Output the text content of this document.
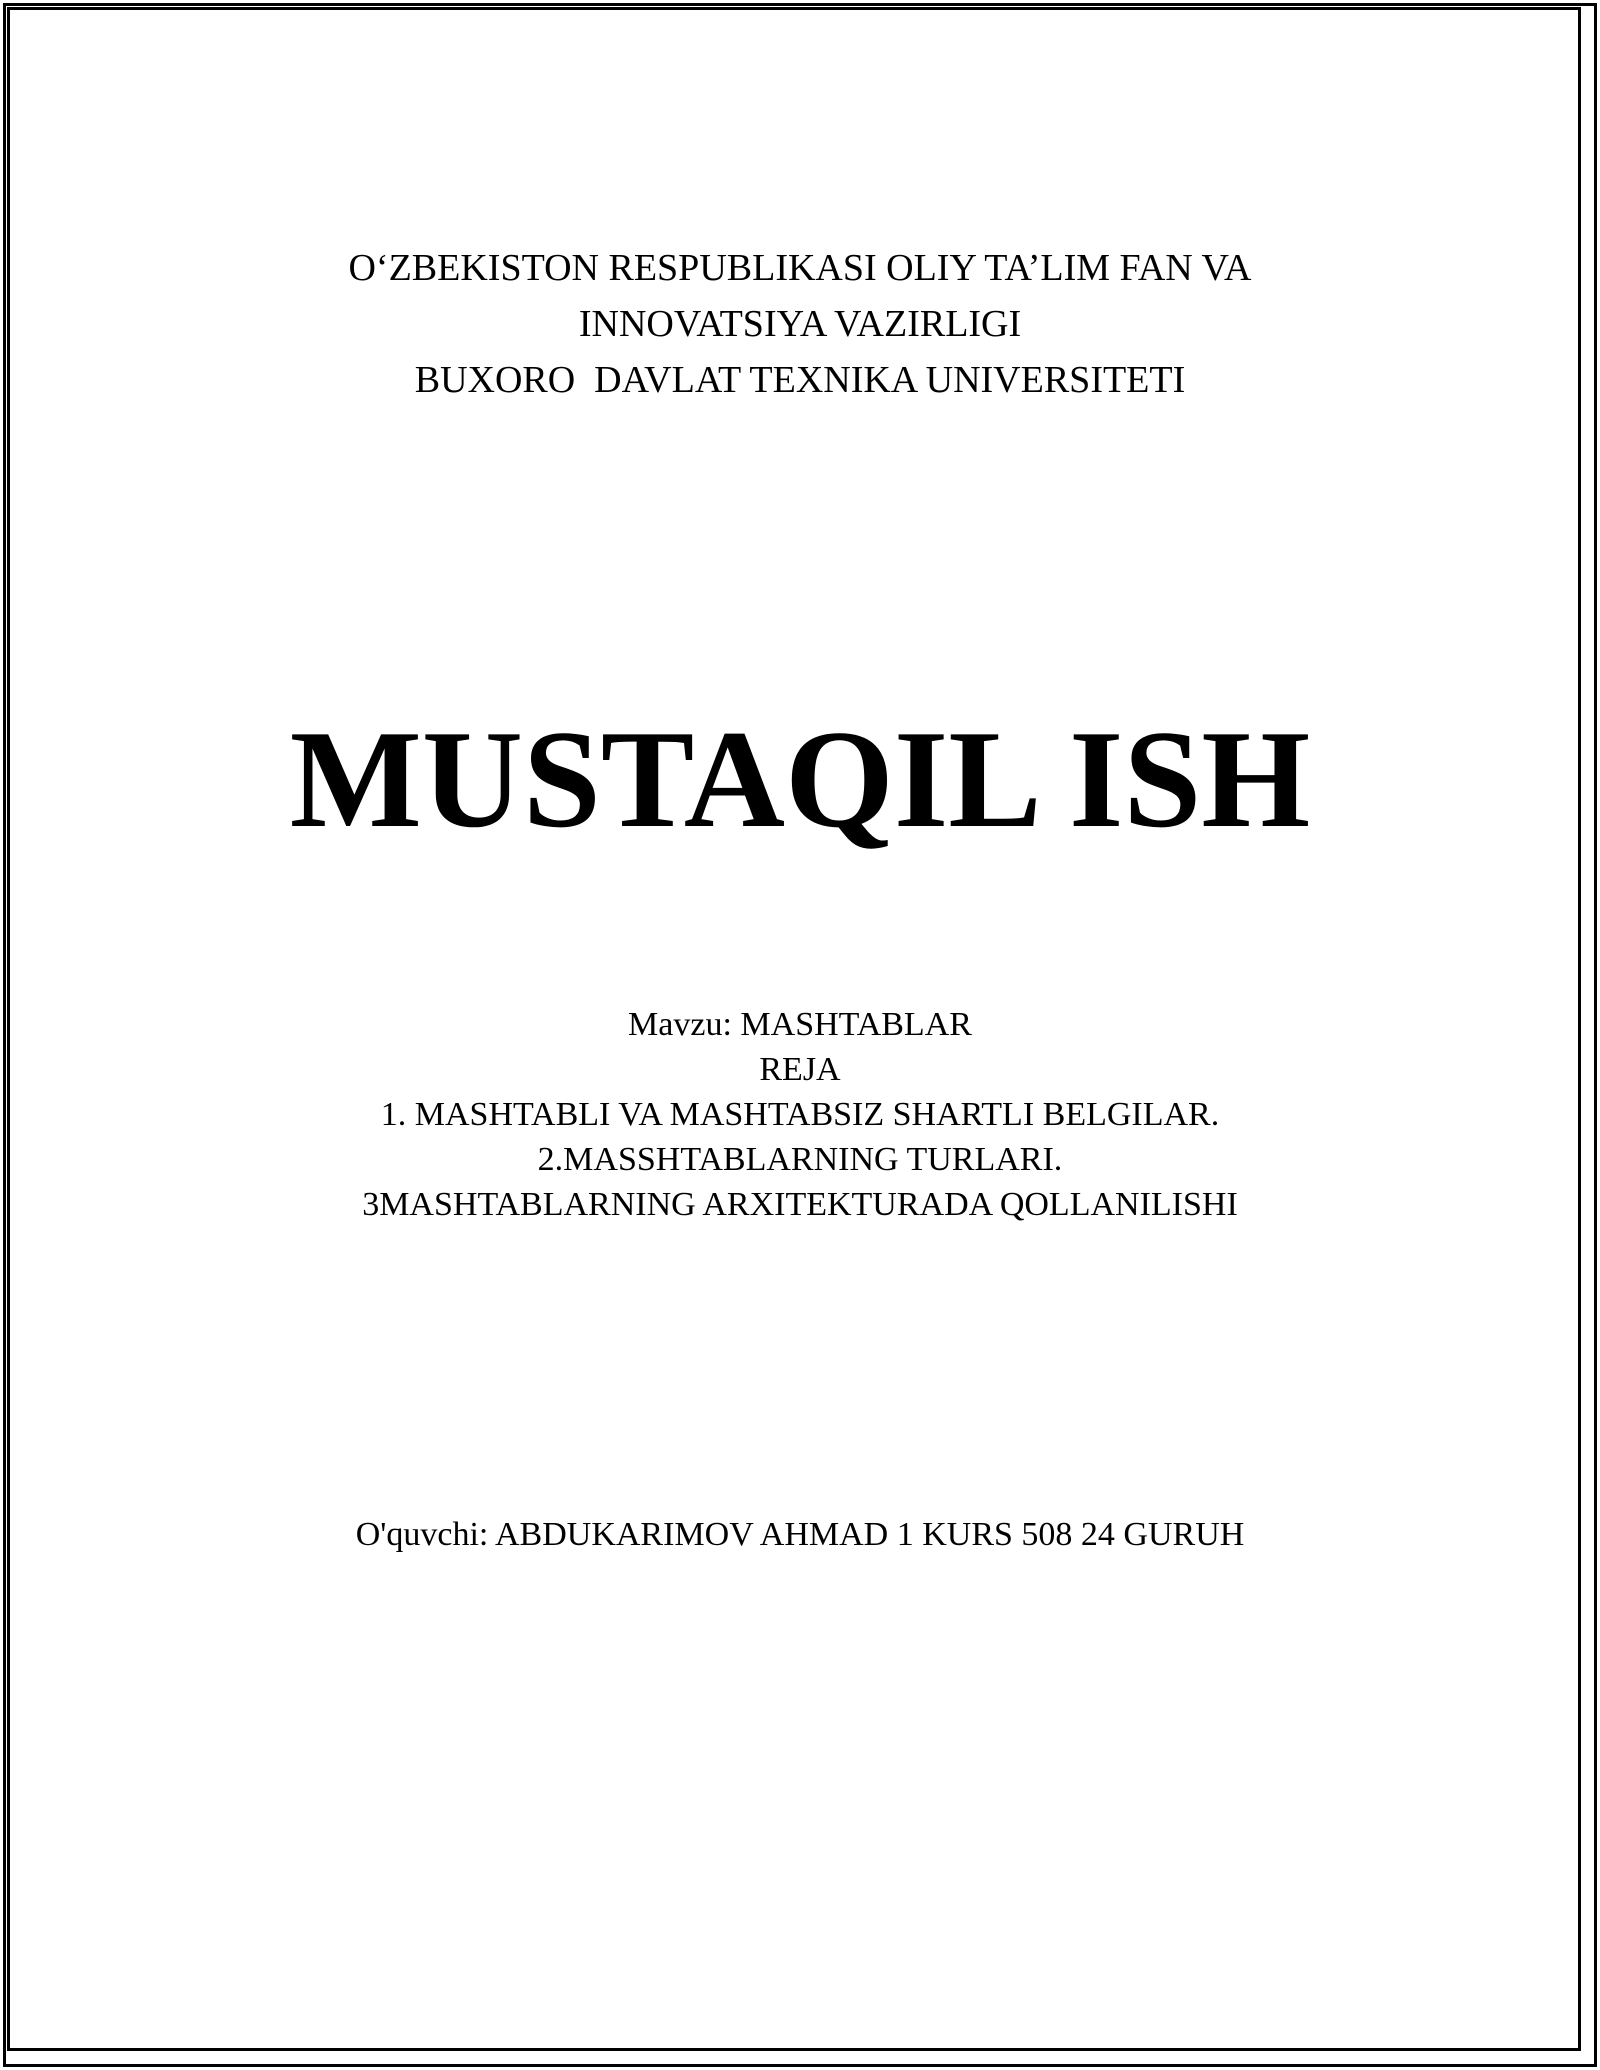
O‘ZBEKISTON RESPUBLIKASI OLIY TA’LIM FAN VA
INNOVATSIYA VAZIRLIGI
BUXORO  DAVLAT TEXNIKA UNIVERSITETI
MUSTAQIL ISH
Mavzu: MASHTABLAR
REJA
1. MASHTABLI VA MASHTABSIZ SHARTLI BELGILAR.
2.MASSHTABLARNING TURLARI.
3MASHTABLARNING ARXITEKTURADA QOLLANILISHI
O'quvchi: ABDUKARIMOV AHMAD 1 KURS 508 24 GURUH
